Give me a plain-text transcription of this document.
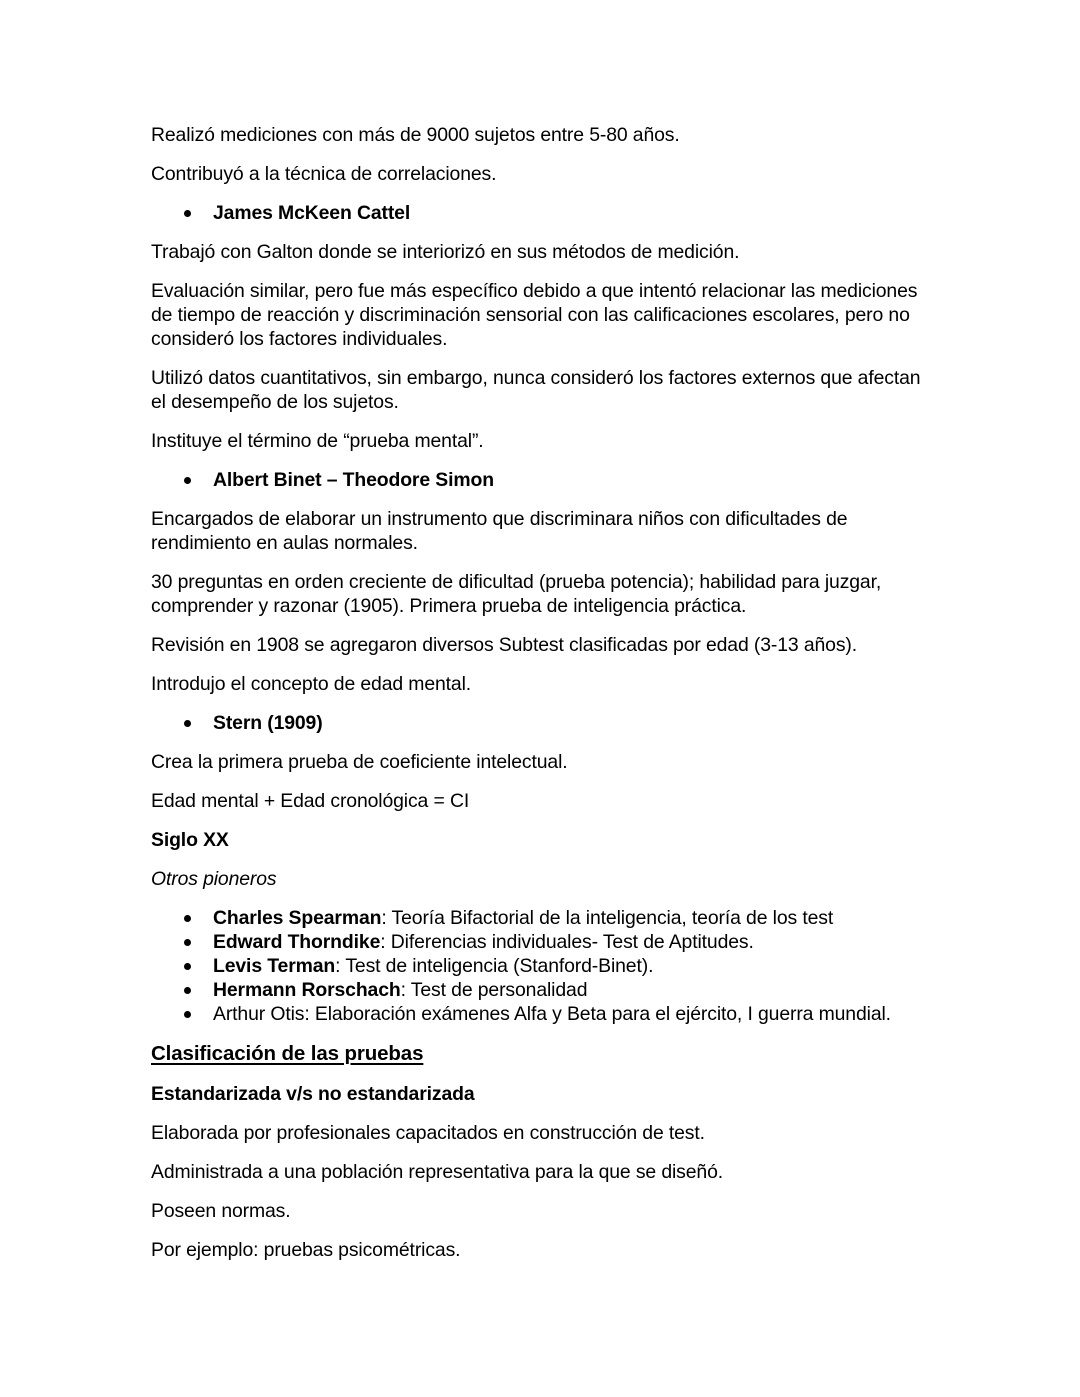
Realizó mediciones con más de 9000 sujetos entre 5-80 años.

Contribuyó a la técnica de correlaciones.

James McKeen Cattel

Trabajó con Galton donde se interiorizó en sus métodos de medición.

Evaluación similar, pero fue más específico debido a que intentó relacionar las mediciones de tiempo de reacción y discriminación sensorial con las calificaciones escolares, pero no consideró los factores individuales.

Utilizó datos cuantitativos, sin embargo, nunca consideró los factores externos que afectan el desempeño de los sujetos.

Instituye el término de “prueba mental”.

Albert Binet – Theodore Simon

Encargados de elaborar un instrumento que discriminara niños con dificultades de rendimiento en aulas normales.

30 preguntas en orden creciente de dificultad (prueba potencia); habilidad para juzgar, comprender y razonar (1905). Primera prueba de inteligencia práctica.

Revisión en 1908 se agregaron diversos Subtest clasificadas por edad (3-13 años).

Introdujo el concepto de edad mental.

Stern (1909)

Crea la primera prueba de coeficiente intelectual.

Edad mental + Edad cronológica = CI

Siglo XX

Otros pioneros

Charles Spearman: Teoría Bifactorial de la inteligencia, teoría de los test
Edward Thorndike: Diferencias individuales- Test de Aptitudes.
Levis Terman: Test de inteligencia (Stanford-Binet).
Hermann Rorschach: Test de personalidad
Arthur Otis: Elaboración exámenes Alfa y Beta para el ejército, I guerra mundial.
Clasificación de las pruebas

Estandarizada v/s no estandarizada

Elaborada por profesionales capacitados en construcción de test.

Administrada a una población representativa para la que se diseñó.

Poseen normas.

Por ejemplo: pruebas psicométricas.
